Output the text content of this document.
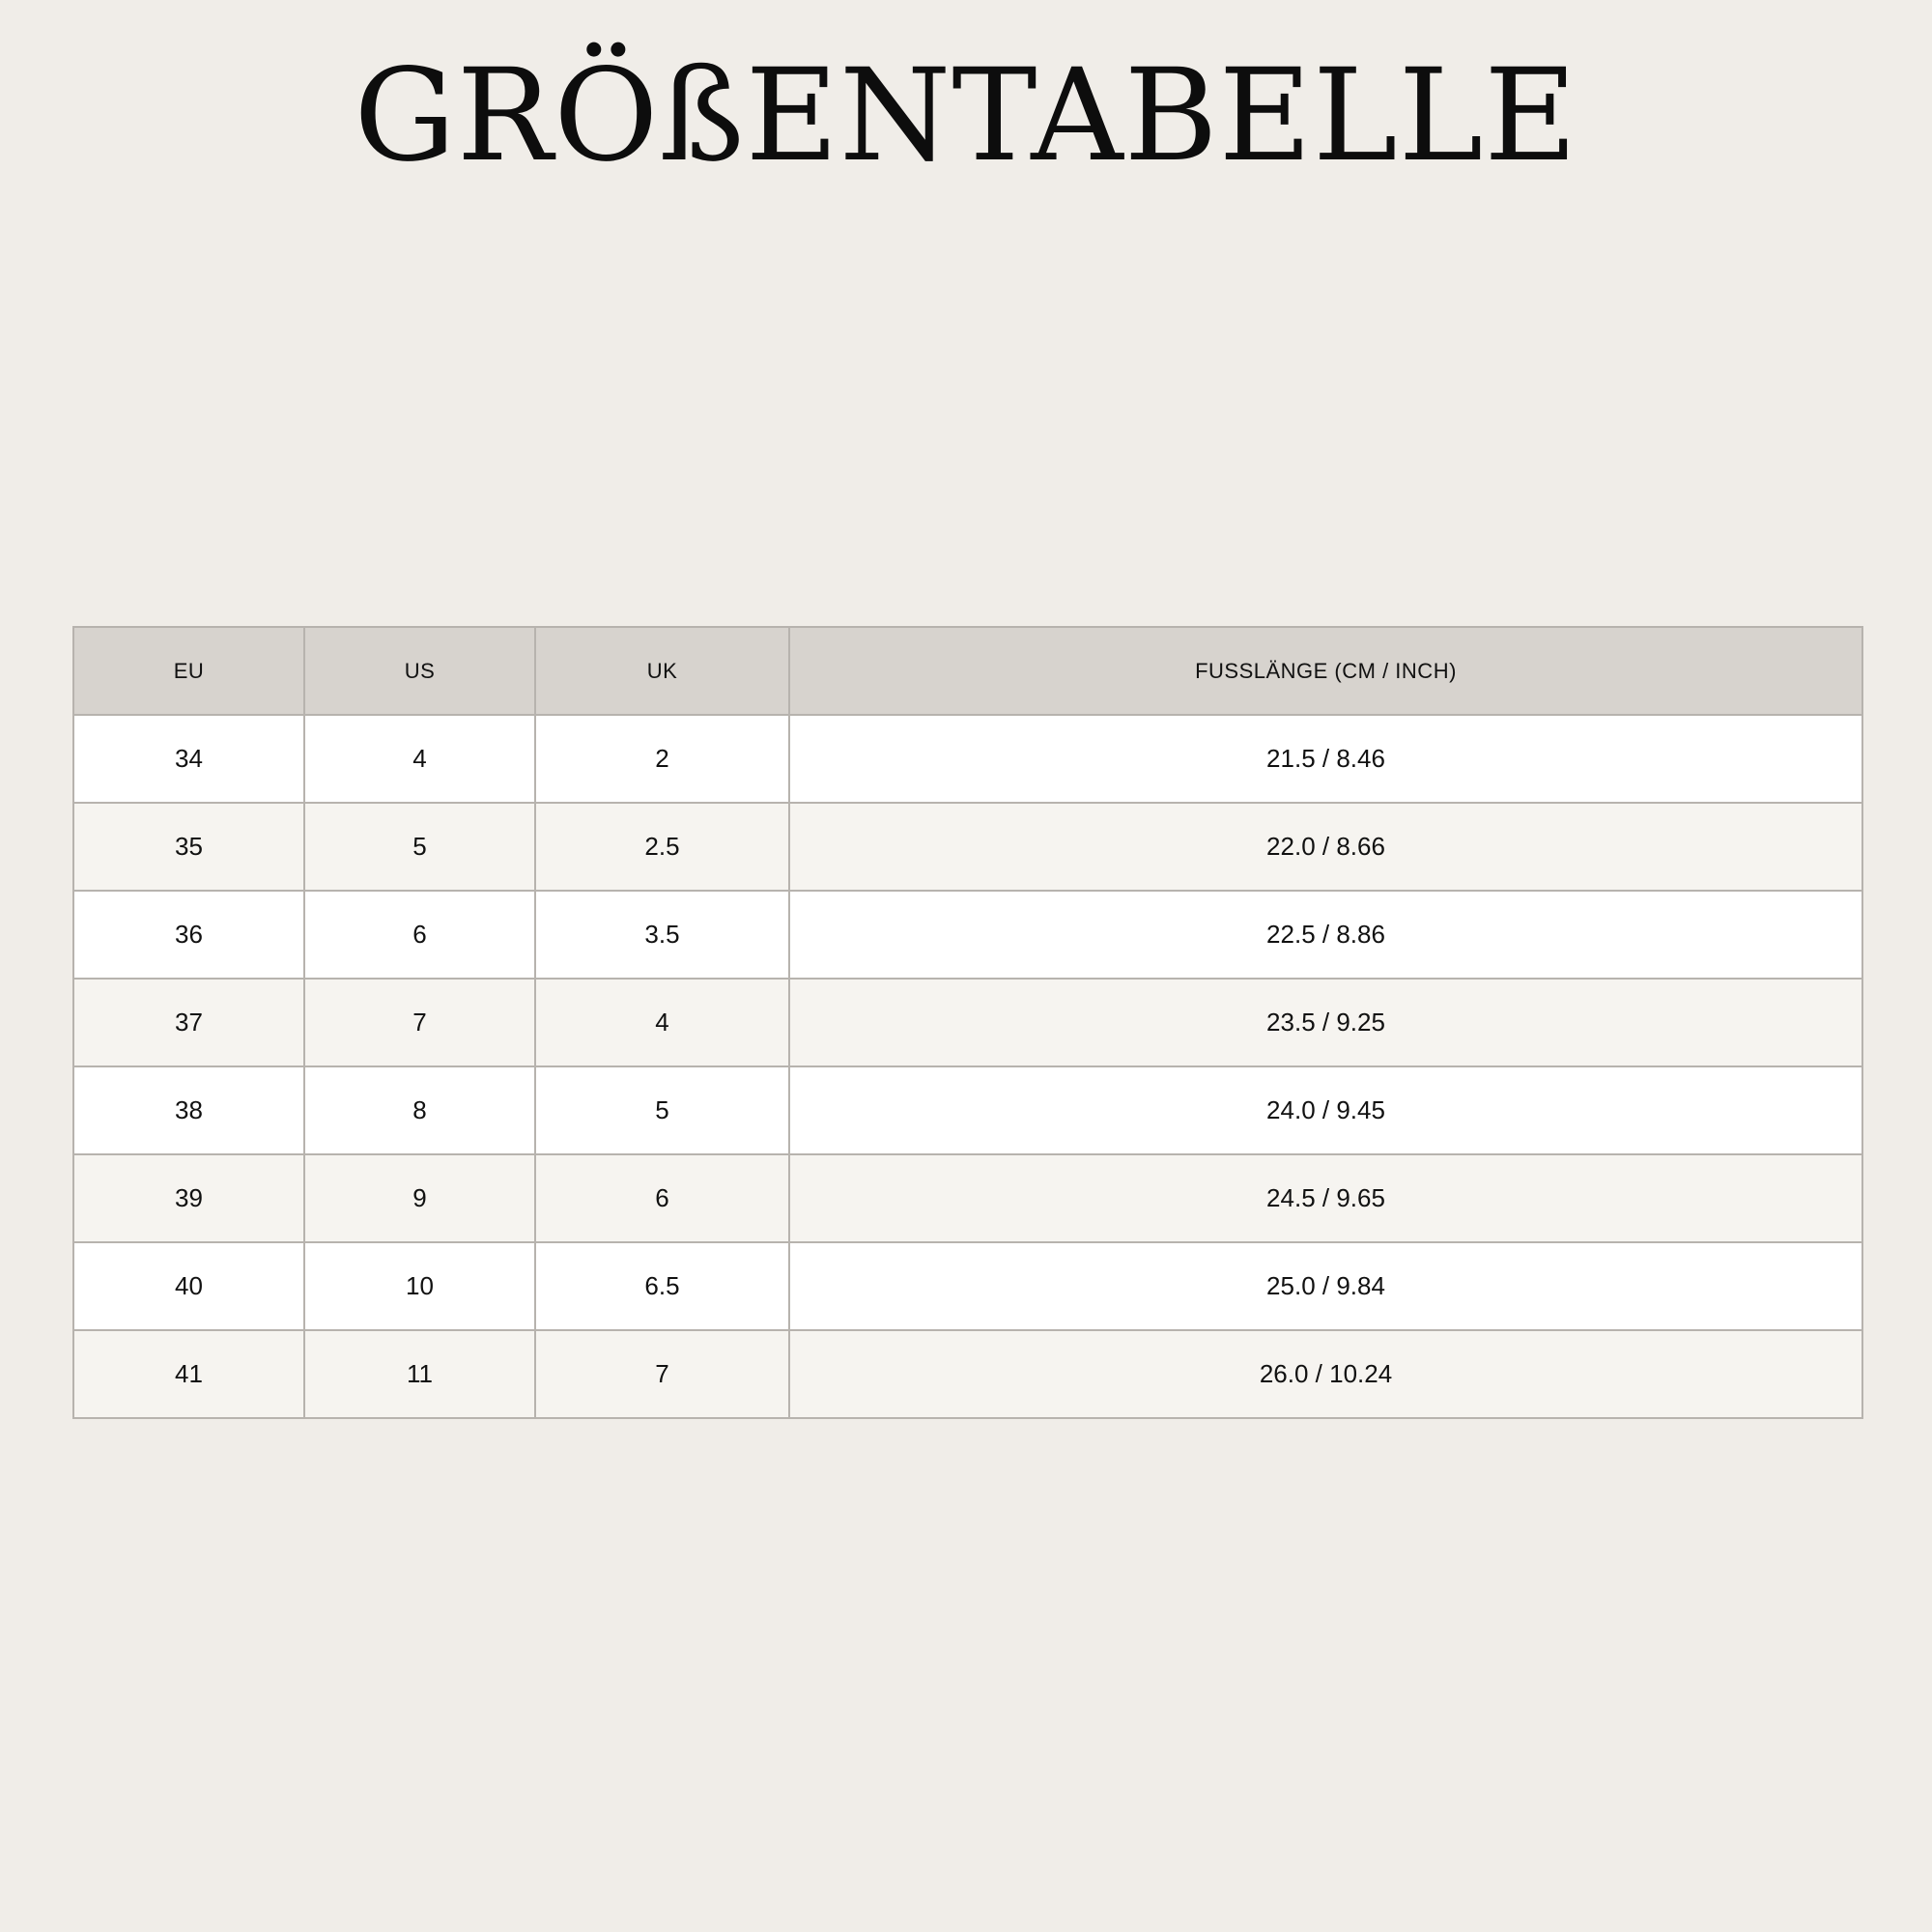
GRÖßENTABELLE
EU	US	UK	FUSSLÄNGE (CM / INCH)
34	4	2	21.5 / 8.46
35	5	2.5	22.0 / 8.66
36	6	3.5	22.5 / 8.86
37	7	4	23.5 / 9.25
38	8	5	24.0 / 9.45
39	9	6	24.5 / 9.65
40	10	6.5	25.0 / 9.84
41	11	7	26.0 / 10.24
